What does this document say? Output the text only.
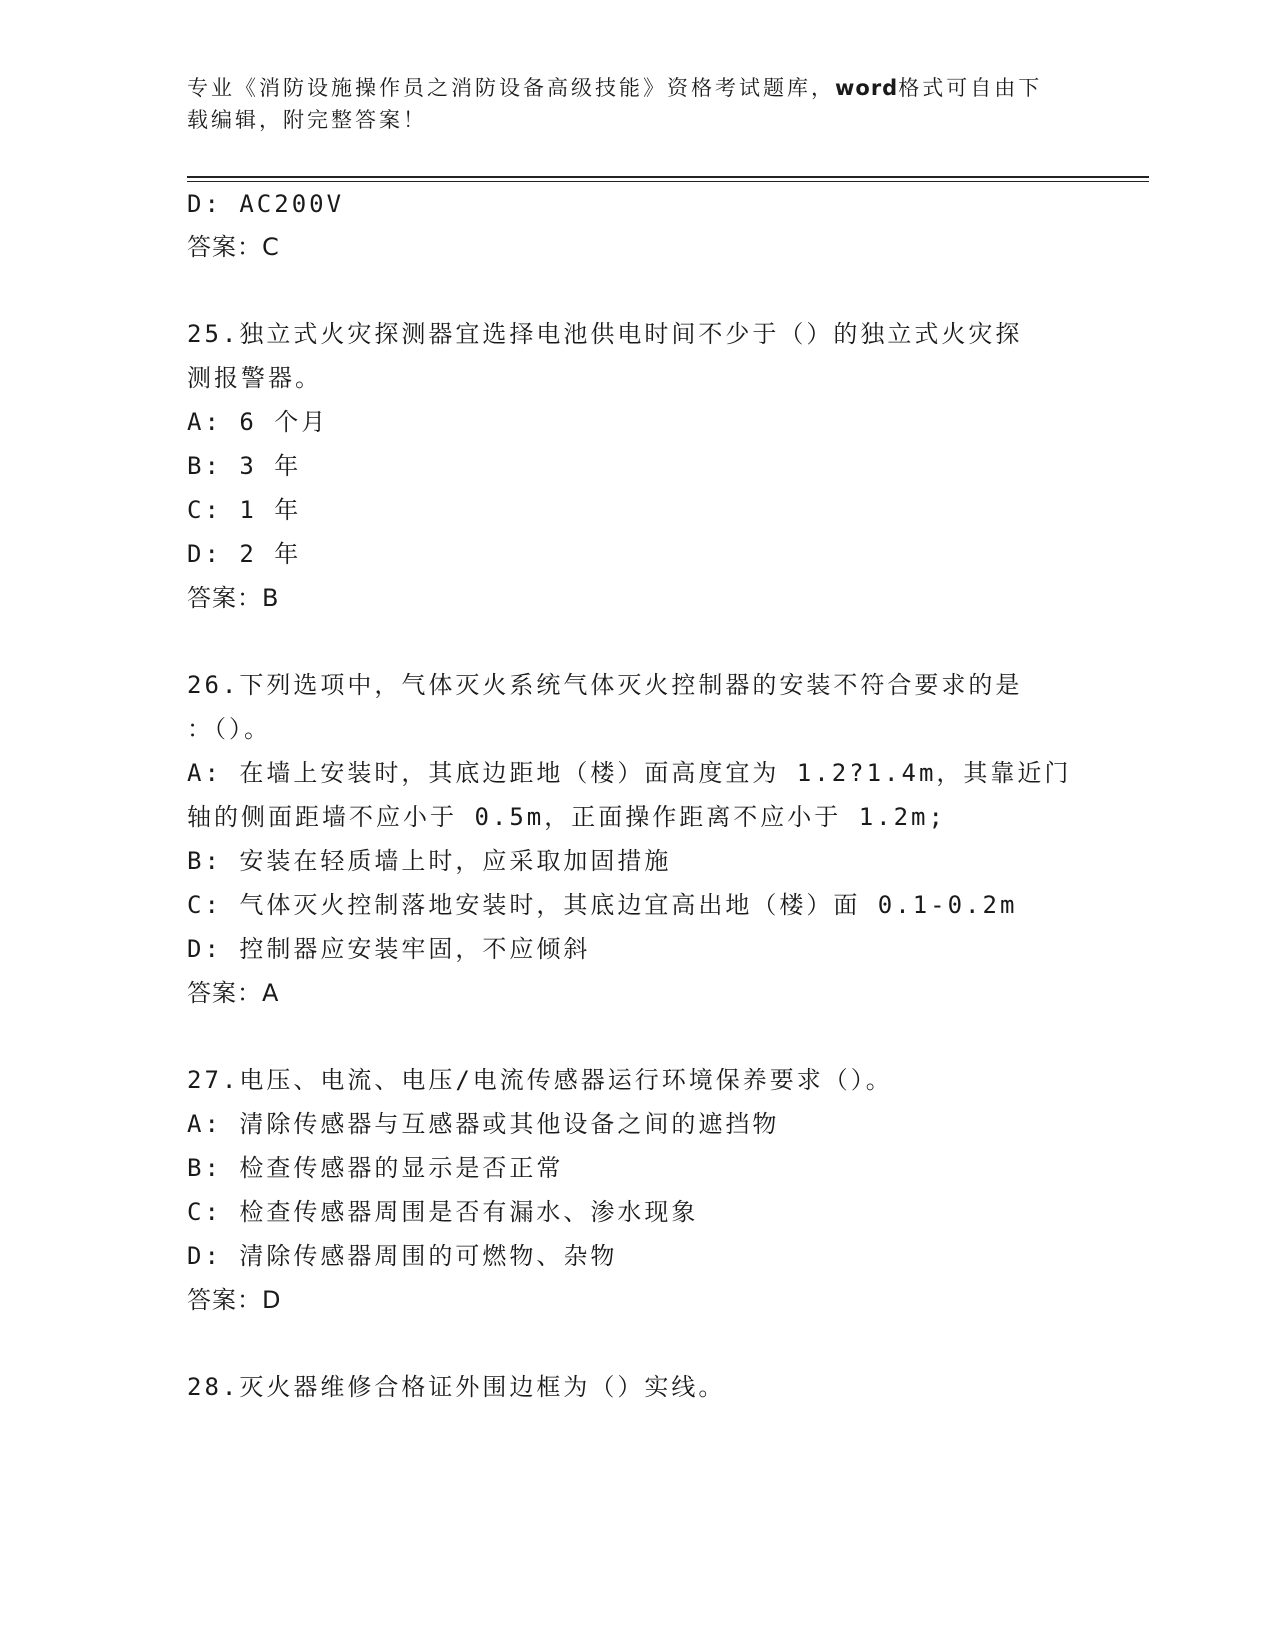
专业《消防设施操作员之消防设备高级技能》资格考试题库，word格式可自由下
载编辑，附完整答案！
D: AC200V
答案：C
25.独立式火灾探测器宜选择电池供电时间不少于（）的独立式火灾探
测报警器。
A: 6 个月
B: 3 年
C: 1 年
D: 2 年
答案：B
26.下列选项中，气体灭火系统气体灭火控制器的安装不符合要求的是
：（）。
A: 在墙上安装时，其底边距地（楼）面高度宜为 1.2?1.4m，其靠近门
轴的侧面距墙不应小于 0.5m，正面操作距离不应小于 1.2m;
B: 安装在轻质墙上时，应采取加固措施
C: 气体灭火控制落地安装时，其底边宜高出地（楼）面 0.1-0.2m
D: 控制器应安装牢固，不应倾斜
答案：A
27.电压、电流、电压/电流传感器运行环境保养要求（）。
A: 清除传感器与互感器或其他设备之间的遮挡物
B: 检查传感器的显示是否正常
C: 检查传感器周围是否有漏水、渗水现象
D: 清除传感器周围的可燃物、杂物
答案：D
28.灭火器维修合格证外围边框为（）实线。
